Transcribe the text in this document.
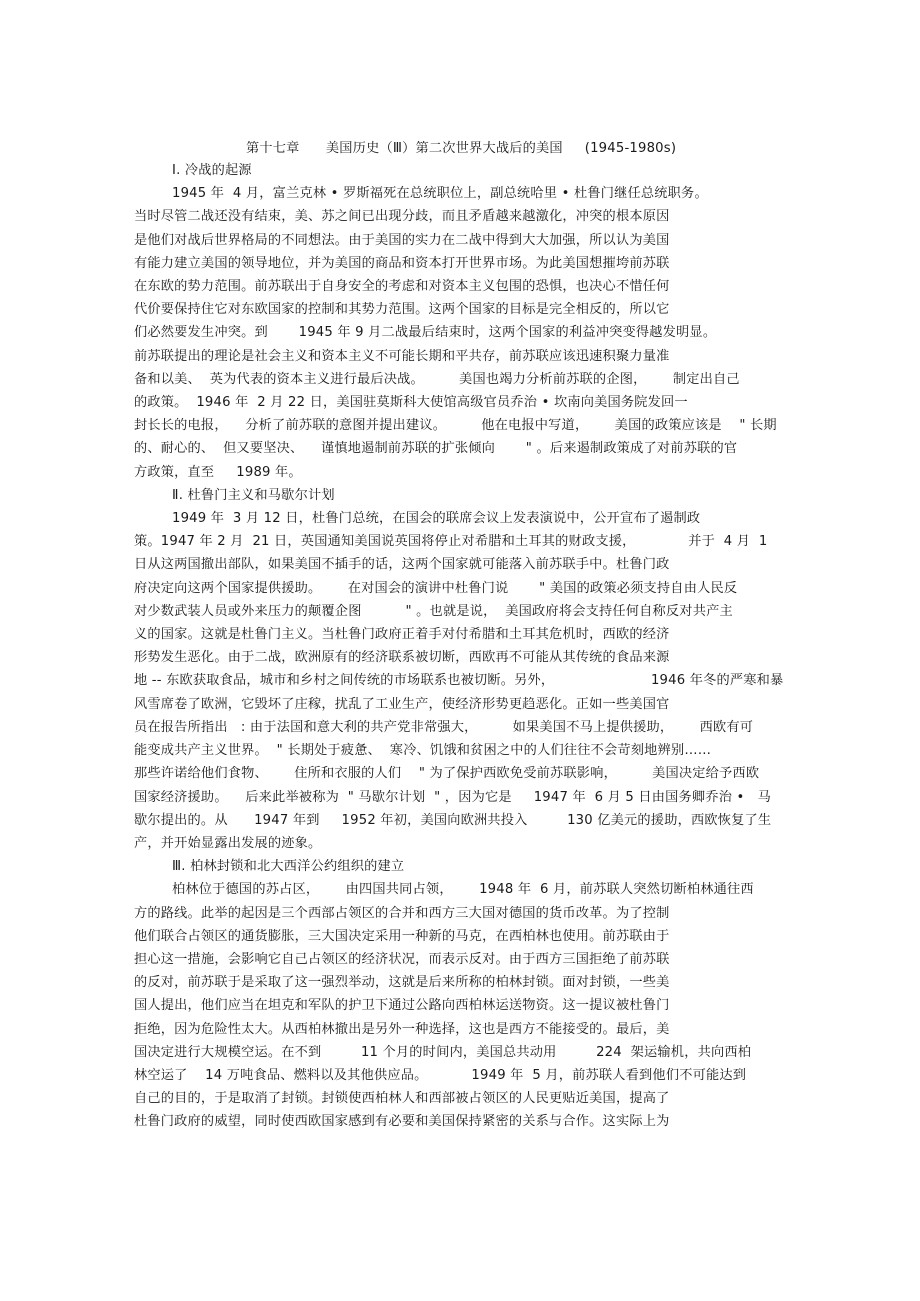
第十七章      美国历史（Ⅲ）第二次世界大战后的美国     (1945-1980s)
Ⅰ. 冷战的起源
1945 年  4 月，富兰克林 • 罗斯福死在总统职位上，副总统哈里 • 杜鲁门继任总统职务。
当时尽管二战还没有结束，美、苏之间已出现分歧，而且矛盾越来越激化，冲突的根本原因
是他们对战后世界格局的不同想法。由于美国的实力在二战中得到大大加强，所以认为美国
有能力建立美国的领导地位，并为美国的商品和资本打开世界市场。为此美国想摧垮前苏联
在东欧的势力范围。前苏联出于自身安全的考虑和对资本主义包围的恐惧，也决心不惜任何
代价要保持住它对东欧国家的控制和其势力范围。这两个国家的目标是完全相反的，所以它
们必然要发生冲突。到       1945 年 9 月二战最后结束时，这两个国家的利益冲突变得越发明显。
前苏联提出的理论是社会主义和资本主义不可能长期和平共存，前苏联应该迅速积聚力量准
备和以美、  英为代表的资本主义进行最后决战。        美国也竭力分析前苏联的企图，      制定出自己
的政策。  1946 年  2 月 22 日，美国驻莫斯科大使馆高级官员乔治 • 坎南向美国务院发回一
封长长的电报，    分析了前苏联的意图并提出建议。        他在电报中写道，      美国的政策应该是    " 长期
的、耐心的、  但又要坚决、    谨慎地遏制前苏联的扩张倾向       " 。后来遏制政策成了对前苏联的官
方政策，直至     1989 年。
Ⅱ. 杜鲁门主义和马歇尔计划
1949 年  3 月 12 日，杜鲁门总统，在国会的联席会议上发表演说中，公开宣布了遏制政
策。1947 年 2 月  21 日，英国通知美国说英国将停止对希腊和土耳其的财政支援，            并于  4 月  1
日从这两国撤出部队，如果美国不插手的话，这两个国家就可能落入前苏联手中。杜鲁门政
府决定向这两个国家提供援助。      在对国会的演讲中杜鲁门说       " 美国的政策必须支持自由人民反
对少数武装人员或外来压力的颠覆企图          " 。也就是说，  美国政府将会支持任何自称反对共产主
义的国家。这就是杜鲁门主义。当杜鲁门政府正着手对付希腊和土耳其危机时，西欧的经济
形势发生恶化。由于二战，欧洲原有的经济联系被切断，西欧再不可能从其传统的食品来源
地 -- 东欧获取食品，城市和乡村之间传统的市场联系也被切断。另外，                      1946 年冬的严寒和暴
风雪席卷了欧洲，它毁坏了庄稼，扰乱了工业生产，使经济形势更趋恶化。正如一些美国官
员在报告所指出   : 由于法国和意大利的共产党非常强大，        如果美国不马上提供援助，      西欧有可
能变成共产主义世界。  " 长期处于疲惫、  寒冷、饥饿和贫困之中的人们往往不会苛刻地辨别……
那些许诺给他们食物、      住所和衣服的人们    " 为了保护西欧免受前苏联影响，        美国决定给予西欧
国家经济援助。    后来此举被称为  " 马歇尔计划  " ，因为它是     1947 年  6 月 5 日由国务卿乔治 •   马
歇尔提出的。从      1947 年到     1952 年初，美国向欧洲共投入         130 亿美元的援助，西欧恢复了生
产，并开始显露出发展的迹象。
Ⅲ. 柏林封锁和北大西洋公约组织的建立
柏林位于德国的苏占区，      由四国共同占领，      1948 年  6 月，前苏联人突然切断柏林通往西
方的路线。此举的起因是三个西部占领区的合并和西方三大国对德国的货币改革。为了控制
他们联合占领区的通货膨胀，三大国决定采用一种新的马克，在西柏林也使用。前苏联由于
担心这一措施，会影响它自己占领区的经济状况，而表示反对。由于西方三国拒绝了前苏联
的反对，前苏联于是采取了这一强烈举动，这就是后来所称的柏林封锁。面对封锁，一些美
国人提出，他们应当在坦克和军队的护卫下通过公路向西柏林运送物资。这一提议被杜鲁门
拒绝，因为危险性太大。从西柏林撤出是另外一种选择，这也是西方不能接受的。最后，美
国决定进行大规模空运。在不到         11 个月的时间内，美国总共动用         224  架运输机，共向西柏
林空运了    14 万吨食品、燃料以及其他供应品。          1949 年  5 月，前苏联人看到他们不可能达到
自己的目的，于是取消了封锁。封锁使西柏林人和西部被占领区的人民更贴近美国，提高了
杜鲁门政府的威望，同时使西欧国家感到有必要和美国保持紧密的关系与合作。这实际上为
